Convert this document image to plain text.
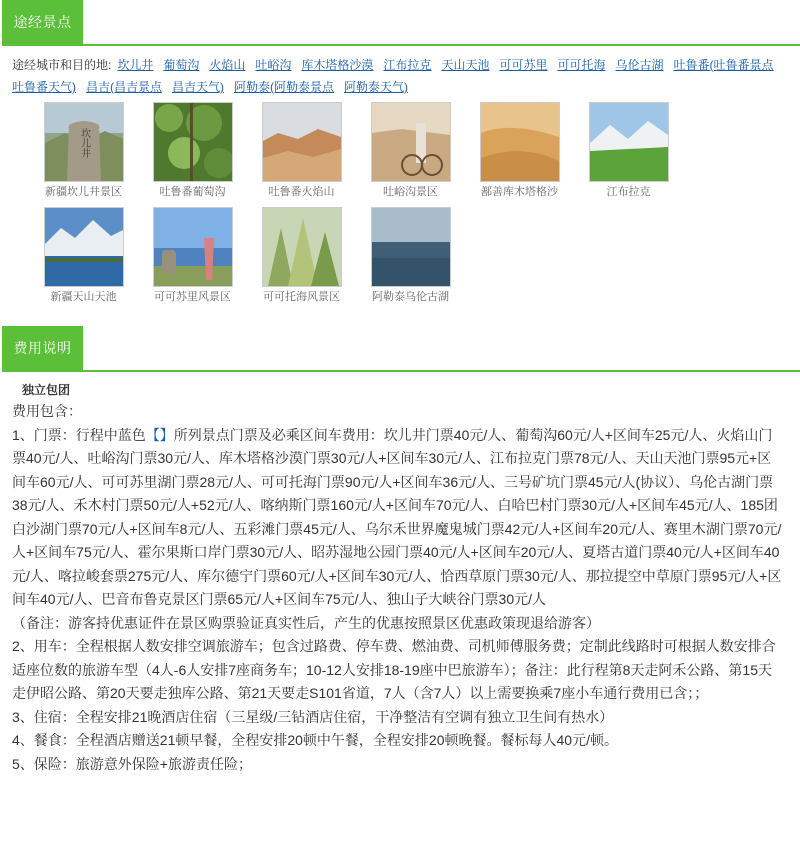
途经景点
途经城市和目的地: 坎儿井 葡萄沟 火焰山 吐峪沟 库木塔格沙漠 江布拉克 天山天池 可可苏里 可可托海 乌伦古湖 吐鲁番(吐鲁番景点吐鲁番天气) 昌吉(昌吉景点 昌吉天气) 阿勒泰(阿勒泰景点 阿勒泰天气)
坎儿井
新疆坎儿井景区	吐鲁番葡萄沟	吐鲁番火焰山	吐峪沟景区	鄯善库木塔格沙	江布拉克
新疆天山天池	可可苏里风景区	可可托海风景区	阿勒泰乌伦古湖
费用说明
独立包团

费用包含：

1、门票：行程中蓝色【】所列景点门票及必乘区间车费用：坎儿井门票40元/人、葡萄沟60元/人+区间车25元/人、火焰山门票40元/人、吐峪沟门票30元/人、库木塔格沙漠门票30元/人+区间车30元/人、江布拉克门票78元/人、天山天池门票95元+区间车60元/人、可可苏里湖门票28元/人、可可托海门票90元/人+区间车36元/人、三号矿坑门票45元/人(协议）、乌伦古湖门票38元/人、禾木村门票50元/人+52元/人、喀纳斯门票160元/人+区间车70元/人、白哈巴村门票30元/人+区间车45元/人、185团白沙湖门票70元/人+区间车8元/人、五彩滩门票45元/人、乌尔禾世界魔鬼城门票42元/人+区间车20元/人、赛里木湖门票70元/人+区间车75元/人、霍尔果斯口岸门票30元/人、昭苏湿地公园门票40元/人+区间车20元/人、夏塔古道门票40元/人+区间车40元/人、喀拉峻套票275元/人、库尔德宁门票60元/人+区间车30元/人、恰西草原门票30元/人、那拉提空中草原门票95元/人+区间车40元/人、巴音布鲁克景区门票65元/人+区间车75元/人、独山子大峡谷门票30元/人

（备注：游客持优惠证件在景区购票验证真实性后，产生的优惠按照景区优惠政策现退给游客）

2、用车：全程根据人数安排空调旅游车；包含过路费、停车费、燃油费、司机师傅服务费；定制此线路时可根据人数安排合适座位数的旅游车型（4人-6人安排7座商务车；10-12人安排18-19座中巴旅游车）；备注：此行程第8天走阿禾公路、第15天走伊昭公路、第20天要走独库公路、第21天要走S101省道，7人（含7人）以上需要换乘7座小车通行费用已含；；

3、住宿：全程安排21晚酒店住宿（三星级/三钻酒店住宿，干净整洁有空调有独立卫生间有热水）

4、餐食：全程酒店赠送21顿早餐，全程安排20顿中午餐，全程安排20顿晚餐。餐标每人40元/顿。

5、保险：旅游意外保险+旅游责任险；
